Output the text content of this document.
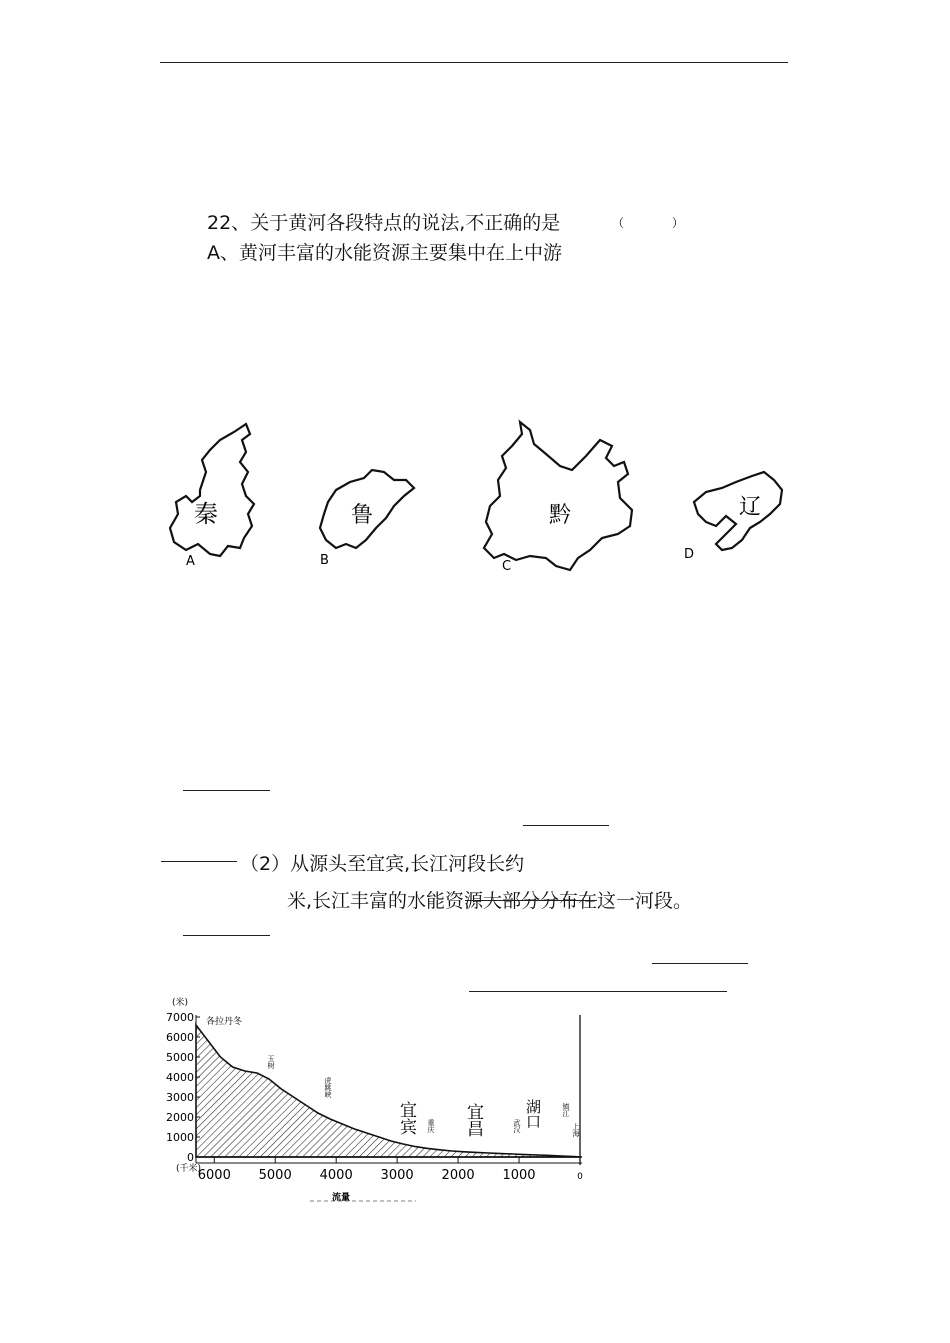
22、关于黄河各段特点的说法,不正确的是	（ ）
A、黄河丰富的水能资源主要集中在上中游
秦
A
鲁
B
黔
C
辽
D
（2）从源头至宜宾,长江河段长约
米,长江丰富的水能资源大部分分布在这一河段。
(米)
(千米)
7000
6000
5000
4000
3000
2000
1000
0
6000 5000 4000 3000 2000 1000	0
各拉丹冬
玉树
虎跳峡
宜宾 重庆 宜昌	武汉 湖口	镇江
上海
流量
